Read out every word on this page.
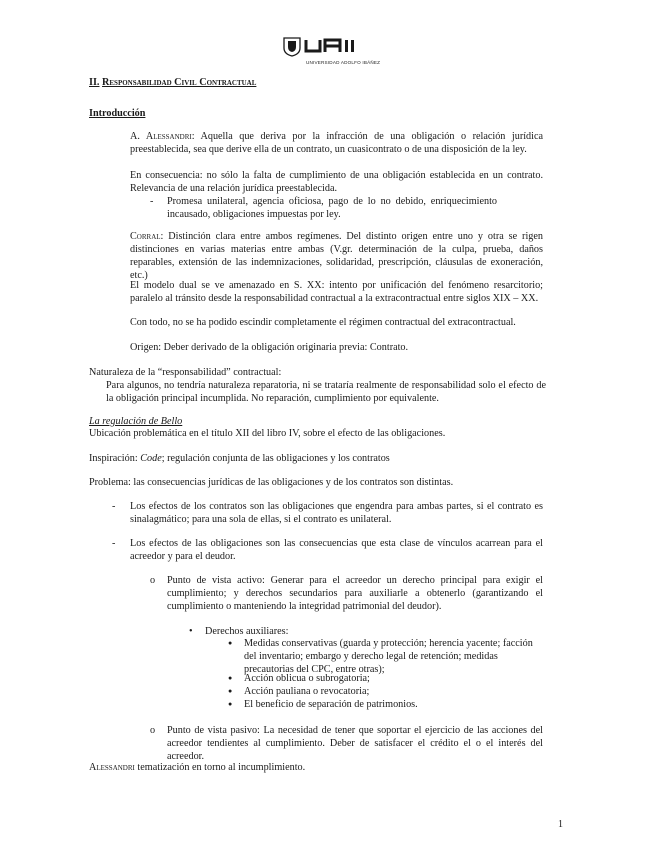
UNIVERSIDAD ADOLFO IBÁÑEZ
II. Responsabilidad Civil Contractual
Introducción

A. Alessandri: Aquella que deriva por la infracción de una obligación o relación jurídica preestablecida, sea que derive ella de un contrato, un cuasicontrato o de una disposición de la ley.

En consecuencia: no sólo la falta de cumplimiento de una obligación establecida en un contrato. Relevancia de una relación jurídica preestablecida.

- Promesa unilateral, agencia oficiosa, pago de lo no debido, enriquecimiento incausado, obligaciones impuestas por ley.

Corral: Distinción clara entre ambos regímenes. Del distinto origen entre uno y otra se rigen distinciones en varias materias entre ambas (V.gr. determinación de la culpa, prueba, daños reparables, extensión de las indemnizaciones, solidaridad, prescripción, cláusulas de exoneración, etc.)

El modelo dual se ve amenazado en S. XX: intento por unificación del fenómeno resarcitorio; paralelo al tránsito desde la responsabilidad contractual a la extracontractual entre siglos XIX – XX.

Con todo, no se ha podido escindir completamente el régimen contractual del extracontractual.

Origen: Deber derivado de la obligación originaria previa: Contrato.

Naturaleza de la “responsabilidad” contractual:

Para algunos, no tendría naturaleza reparatoria, ni se trataría realmente de responsabilidad solo el efecto de la obligación principal incumplida. No reparación, cumplimiento por equivalente.

La regulación de Bello
Ubicación problemática en el título XII del libro IV, sobre el efecto de las obligaciones.
Inspiración: Code; regulación conjunta de las obligaciones y los contratos
Problema: las consecuencias jurídicas de las obligaciones y de los contratos son distintas.
- Los efectos de los contratos son las obligaciones que engendra para ambas partes, si el contrato es sinalagmático; para una sola de ellas, si el contrato es unilateral.

- Los efectos de las obligaciones son las consecuencias que esta clase de vínculos acarrean para el acreedor y para el deudor.

o Punto de vista activo: Generar para el acreedor un derecho principal para exigir el cumplimiento; y derechos secundarios para auxiliarle a obtenerlo (garantizando el cumplimiento o manteniendo la integridad patrimonial del deudor).

• Derechos auxiliares:
● Medidas conservativas (guarda y protección; herencia yacente; facción del inventario; embargo y derecho legal de retención; medidas precautorias del CPC, entre otras);

● Acción oblicua o subrogatoria;

● Acción pauliana o revocatoria;

● El beneficio de separación de patrimonios.

o Punto de vista pasivo: La necesidad de tener que soportar el ejercicio de las acciones del acreedor tendientes al cumplimiento. Deber de satisfacer el crédito el o el interés del acreedor.

Alessandri tematización en torno al incumplimiento.
1
